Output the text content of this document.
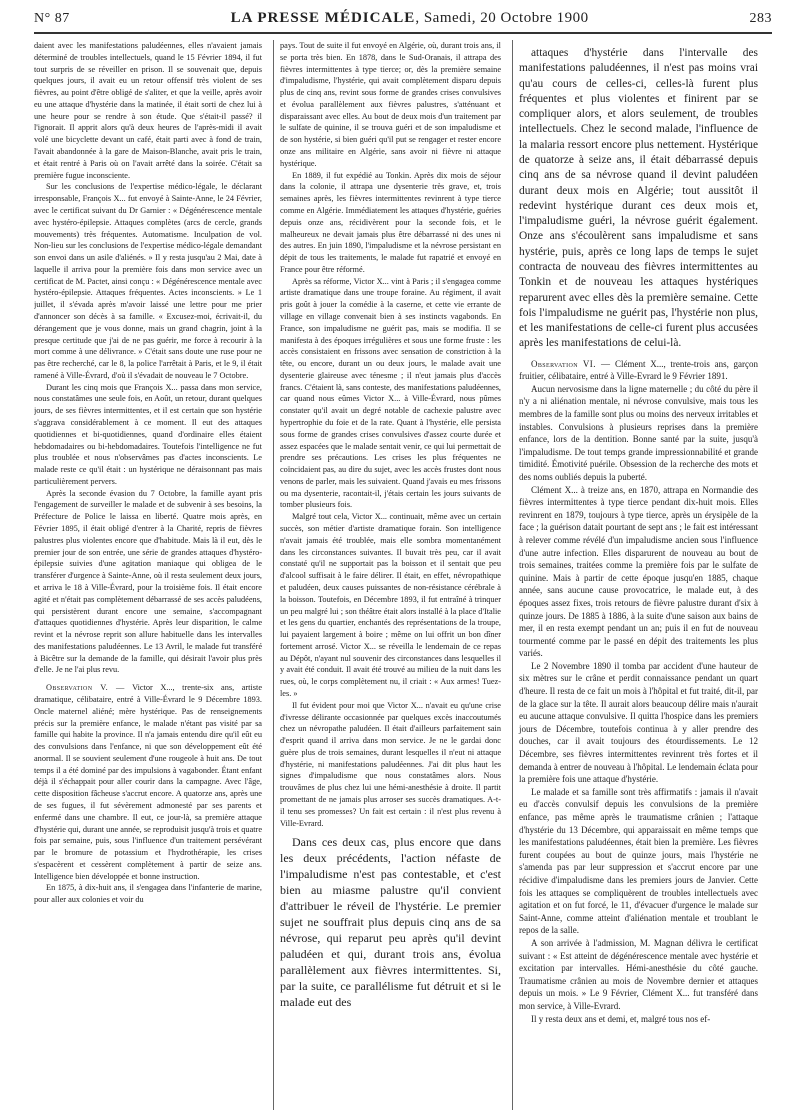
N° 87	LA PRESSE MÉDICALE, Samedi, 20 Octobre 1900	283

daient avec les manifestations paludéennes, elles n'avaient jamais déterminé de troubles intellectuels, quand le 15 Février 1894, il fut tout surpris de se réveiller en prison. Il se souvenait que, depuis quelques jours, il avait eu un retour offensif très violent de ses fièvres, au point d'être obligé de s'aliter, et que la veille, après avoir eu une attaque d'hystérie dans la matinée, il était sorti de chez lui à une heure pour se rendre à son étude. Que s'était-il passé? il l'ignorait. Il apprit alors qu'à deux heures de l'après-midi il avait volé une bicyclette devant un café, était parti avec à fond de train, l'avait abandonnée à la gare de Maison-Blanche, avait pris le train, et était rentré à Paris où on l'avait arrêté dans la soirée. C'était sa première fugue inconsciente.

Sur les conclusions de l'expertise médico-légale, le déclarant irresponsable, François X... fut envoyé à Sainte-Anne, le 24 Février, avec le certificat suivant du Dr Garnier : « Dégénérescence mentale avec hystéro-épilepsie. Attaques complètes (arcs de cercle, grands mouvements) très fréquentes. Automatisme. Inculpation de vol. Non-lieu sur les conclusions de l'expertise médico-légale demandant son envoi dans un asile d'aliénés. » Il y resta jusqu'au 2 Mai, date à laquelle il arriva pour la première fois dans mon service avec un certificat de M. Pactet, ainsi conçu : « Dégénérescence mentale avec hystéro-épilepsie. Attaques fréquentes. Actes inconscients. » Le 1 juillet, il s'évada après m'avoir laissé une lettre pour me prier d'annoncer son décès à sa famille. « Excusez-moi, écrivait-il, du dérangement que je vous donne, mais un grand chagrin, joint à la presque certitude que j'ai de ne pas guérir, me force à recourir à la mort comme à une délivrance. » C'était sans doute une ruse pour ne pas être recherché, car le 8, la police l'arrêtait à Paris, et le 9, il était ramené à Ville-Évrard, d'où il s'évadait de nouveau le 7 Octobre.

Durant les cinq mois que François X... passa dans mon service, nous constatâmes une seule fois, en Août, un retour, durant quelques jours, de ses fièvres intermittentes, et il est certain que son hystérie s'aggrava considérablement à ce moment. Il eut des attaques quotidiennes et bi-quotidiennes, quand d'ordinaire elles étaient hebdomadaires ou bi-hebdomadaires. Toutefois l'intelligence ne fut plus troublée et nous n'observâmes pas d'actes inconscients. Le malade reste ce qu'il était : un hystérique ne déraisonnant pas mais particulièrement pervers.

Après la seconde évasion du 7 Octobre, la famille ayant pris l'engagement de surveiller le malade et de subvenir à ses besoins, la Préfecture de Police le laissa en liberté. Quatre mois après, en Février 1895, il était obligé d'entrer à la Charité, repris de fièvres palustres plus violentes encore que d'habitude. Mais là il eut, dès le premier jour de son entrée, une série de grandes attaques d'hystéro-épilepsie suivies d'une agitation maniaque qui obligea de le transférer d'urgence à Sainte-Anne, où il resta seulement deux jours, et arriva le 18 à Ville-Évrard, pour la troisième fois. Il était encore agité et n'était pas complètement débarrassé de ses accès paludéens, qui persistèrent durant encore une semaine, s'accompagnant d'attaques quotidiennes d'hystérie. Après leur disparition, le calme revint et la névrose reprit son allure habituelle dans les intervalles des manifestations paludéennes. Le 13 Avril, le malade fut transféré à Bicêtre sur la demande de la famille, qui désirait l'avoir plus près d'elle. Je ne l'ai plus revu.

Observation V. — Victor X..., trente-six ans, artiste dramatique, célibataire, entré à Ville-Évrard le 9 Décembre 1893. Oncle maternel aliéné; mère hystérique. Pas de renseignements précis sur la première enfance, le malade n'étant pas visité par sa famille qui habite la province. Il n'a jamais entendu dire qu'il eût eu des convulsions dans l'enfance, ni que son développement eût été anormal. Il se souvient seulement d'une rougeole à huit ans. De tout temps il a été dominé par des impulsions à vagabonder. Étant enfant déjà il s'échappait pour aller courir dans la campagne. Avec l'âge, cette disposition fâcheuse s'accrut encore. A quatorze ans, après une de ses fugues, il fut sévèrement admonesté par ses parents et enfermé dans une chambre. Il eut, ce jour-là, sa première attaque d'hystérie qui, durant une année, se reproduisit jusqu'à trois et quatre fois par semaine, puis, sous l'influence d'un traitement persévérant par le bromure de potassium et l'hydrothérapie, les crises s'espacèrent et cessèrent complètement à partir de seize ans. Intelligence bien développée et bonne instruction.

En 1875, à dix-huit ans, il s'engagea dans l'infanterie de marine, pour aller aux colonies et voir du

pays. Tout de suite il fut envoyé en Algérie, où, durant trois ans, il se porta très bien. En 1878, dans le Sud-Oranais, il attrapa des fièvres intermittentes à type tierce; or, dès la première semaine d'impaludisme, l'hystérie, qui avait complètement disparu depuis plus de cinq ans, revint sous forme de grandes crises convulsives et évolua parallèlement aux fièvres palustres, s'atténuant et disparaissant avec elles. Au bout de deux mois d'un traitement par le sulfate de quinine, il se trouva guéri et de son impaludisme et de son hystérie, si bien guéri qu'il put se rengager et rester encore onze ans militaire en Algérie, sans avoir ni fièvre ni attaque hystérique.

En 1889, il fut expédié au Tonkin. Après dix mois de séjour dans la colonie, il attrapa une dysenterie très grave, et, trois semaines après, les fièvres intermittentes revinrent à type tierce comme en Algérie. Immédiatement les attaques d'hystérie, guéries depuis onze ans, récidivèrent pour la seconde fois, et le malheureux ne devait jamais plus être débarrassé ni des unes ni des autres. En juin 1890, l'impaludisme et la névrose persistant en dépit de tous les traitements, le malade fut rapatrié et envoyé en France pour être réformé.

Après sa réforme, Victor X... vint à Paris ; il s'engagea comme artiste dramatique dans une troupe foraine. Au régiment, il avait pris goût à jouer la comédie à la caserne, et cette vie errante de village en village convenait bien à ses instincts vagabonds. En France, son impaludisme ne guérit pas, mais se modifia. Il se manifesta à des époques irrégulières et sous une forme fruste : les accès consistaient en frissons avec sensation de constriction à la tête, ou encore, durant un ou deux jours, le malade avait une dysenterie glaireuse avec ténesme ; il n'eut jamais plus d'accès francs. C'étaient là, sans conteste, des manifestations paludéennes, car quand nous eûmes Victor X... à Ville-Évrard, nous pûmes constater qu'il avait un degré notable de cachexie palustre avec hypertrophie du foie et de la rate. Quant à l'hystérie, elle persista sous forme de grandes crises convulsives d'assez courte durée et assez espacées que le malade sentait venir, ce qui lui permettait de prendre ses précautions. Les crises les plus fréquentes ne coïncidaient pas, au dire du sujet, avec les accès frustes dont nous venons de parler, mais les suivaient. Quand j'avais eu mes frissons ou ma dysenterie, racontait-il, j'étais certain les jours suivants de tomber plusieurs fois.

Malgré tout cela, Victor X... continuait, même avec un certain succès, son métier d'artiste dramatique forain. Son intelligence n'avait jamais été troublée, mais elle sombra momentanément dans les circonstances suivantes. Il buvait très peu, car il avait constaté qu'il ne supportait pas la boisson et il sentait que peu d'alcool suffisait à le faire délirer. Il était, en effet, névropathique et paludéen, deux causes puissantes de non-résistance cérébrale à la boisson. Toutefois, en Décembre 1893, il fut entraîné à trinquer un peu malgré lui ; son théâtre était alors installé à la place d'Italie et les gens du quartier, enchantés des représentations de la troupe, lui payaient largement à boire ; même on lui offrit un bon dîner fortement arrosé. Victor X... se réveilla le lendemain de ce repas au Dépôt, n'ayant nul souvenir des circonstances dans lesquelles il y avait été conduit. Il avait été trouvé au milieu de la nuit dans les rues, où, le corps complètement nu, il criait : « Aux armes! Tuez-les. »

Il fut évident pour moi que Victor X... n'avait eu qu'une crise d'ivresse délirante occasionnée par quelques excès inaccoutumés chez un névropathe paludéen. Il était d'ailleurs parfaitement sain d'esprit quand il arriva dans mon service. Je ne le gardai donc guère plus de trois semaines, durant lesquelles il n'eut ni attaque d'hystérie, ni manifestations paludéennes. J'ai dit plus haut les signes d'impaludisme que nous constatâmes alors. Nous trouvâmes de plus chez lui une hémi-anesthésie à droite. Il partit promettant de ne jamais plus arroser ses succès dramatiques. A-t-il tenu ses promesses? Un fait est certain : il n'est plus revenu à Ville-Evrard.

Dans ces deux cas, plus encore que dans les deux précédents, l'action néfaste de l'impaludisme n'est pas contestable, et c'est bien au miasme palustre qu'il convient d'attribuer le réveil de l'hystérie. Le premier sujet ne souffrait plus depuis cinq ans de sa névrose, qui reparut peu après qu'il devint paludéen et qui, durant trois ans, évolua parallèlement aux fièvres intermittentes. Si, par la suite, ce parallélisme fut détruit et si le malade eut des

attaques d'hystérie dans l'intervalle des manifestations paludéennes, il n'est pas moins vrai qu'au cours de celles-ci, celles-là furent plus fréquentes et plus violentes et finirent par se compliquer alors, et alors seulement, de troubles intellectuels. Chez le second malade, l'influence de la malaria ressort encore plus nettement. Hystérique de quatorze à seize ans, il était débarrassé depuis cinq ans de sa névrose quand il devint paludéen durant deux mois en Algérie; tout aussitôt il redevint hystérique durant ces deux mois et, l'impaludisme guéri, la névrose guérit également. Onze ans s'écoulèrent sans impaludisme et sans hystérie, puis, après ce long laps de temps le sujet contracta de nouveau des fièvres intermittentes au Tonkin et de nouveau les attaques hystériques reparurent avec elles dès la première semaine. Cette fois l'impaludisme ne guérit pas, l'hystérie non plus, et les manifestations de celle-ci furent plus accusées après les manifestations de celui-là.

Observation VI. — Clément X..., trente-trois ans, garçon fruitier, célibataire, entré à Ville-Evrard le 9 Février 1891.

Aucun nervosisme dans la ligne maternelle ; du côté du père il n'y a ni aliénation mentale, ni névrose convulsive, mais tous les membres de la famille sont plus ou moins des nerveux irritables et instables. Convulsions à plusieurs reprises dans la première enfance, lors de la dentition. Bonne santé par la suite, jusqu'à l'impaludisme. De tout temps grande impressionnabilité et grande timidité. Émotivité puérile. Obsession de la recherche des mots et des noms oubliés depuis la puberté.

Clément X... à treize ans, en 1870, attrapa en Normandie des fièvres intermittentes à type tierce pendant dix-huit mois. Elles revinrent en 1879, toujours à type tierce, après un érysipèle de la face ; la guérison datait pourtant de sept ans ; le fait est intéressant à relever comme révélé d'un impaludisme ancien sous l'influence d'une autre infection. Elles disparurent de nouveau au bout de trois semaines, traitées comme la première fois par le sulfate de quinine. Mais à partir de cette époque jusqu'en 1885, chaque année, sans aucune cause provocatrice, le malade eut, à des époques assez fixes, trois retours de fièvre palustre durant d'six à quinze jours. De 1885 à 1886, à la suite d'une saison aux bains de mer, il en resta exempt pendant un an; puis il en fut de nouveau tourmenté comme par le passé en dépit des traitements les plus variés.

Le 2 Novembre 1890 il tomba par accident d'une hauteur de six mètres sur le crâne et perdit connaissance pendant un quart d'heure. Il resta de ce fait un mois à l'hôpital et fut traité, dit-il, par de la glace sur la tête. Il aurait alors beaucoup délire mais n'aurait eu aucune attaque convulsive. Il quitta l'hospice dans les premiers jours de Décembre, toutefois continua à y aller prendre des douches, car il avait toujours des étourdissements. Le 12 Décembre, ses fièvres intermittentes revinrent très fortes et il demanda à entrer de nouveau à l'hôpital. Le lendemain éclata pour la première fois une attaque d'hystérie.

Le malade et sa famille sont très affirmatifs : jamais il n'avait eu d'accès convulsif depuis les convulsions de la première enfance, pas même après le traumatisme crânien ; l'attaque d'hystérie du 13 Décembre, qui apparaissait en même temps que les manifestations paludéennes, était bien la première. Les fièvres furent coupées au bout de quinze jours, mais l'hystérie ne s'amenda pas par leur suppression et s'accrut encore par une récidive d'impaludisme dans les premiers jours de Janvier. Cette fois les attaques se compliquèrent de troubles intellectuels avec agitation et on fut forcé, le 11, d'évacuer d'urgence le malade sur Saint-Anne, comme atteint d'aliénation mentale et troublant le repos de la salle.

A son arrivée à l'admission, M. Magnan délivra le certificat suivant : « Est atteint de dégénérescence mentale avec hystérie et excitation par intervalles. Hémi-anesthésie du côté gauche. Traumatisme crânien au mois de Novembre dernier et attaques depuis un mois. » Le 9 Février, Clément X... fut transféré dans mon service, à Ville-Evrard.

Il y resta deux ans et demi, et, malgré tous nos ef-
